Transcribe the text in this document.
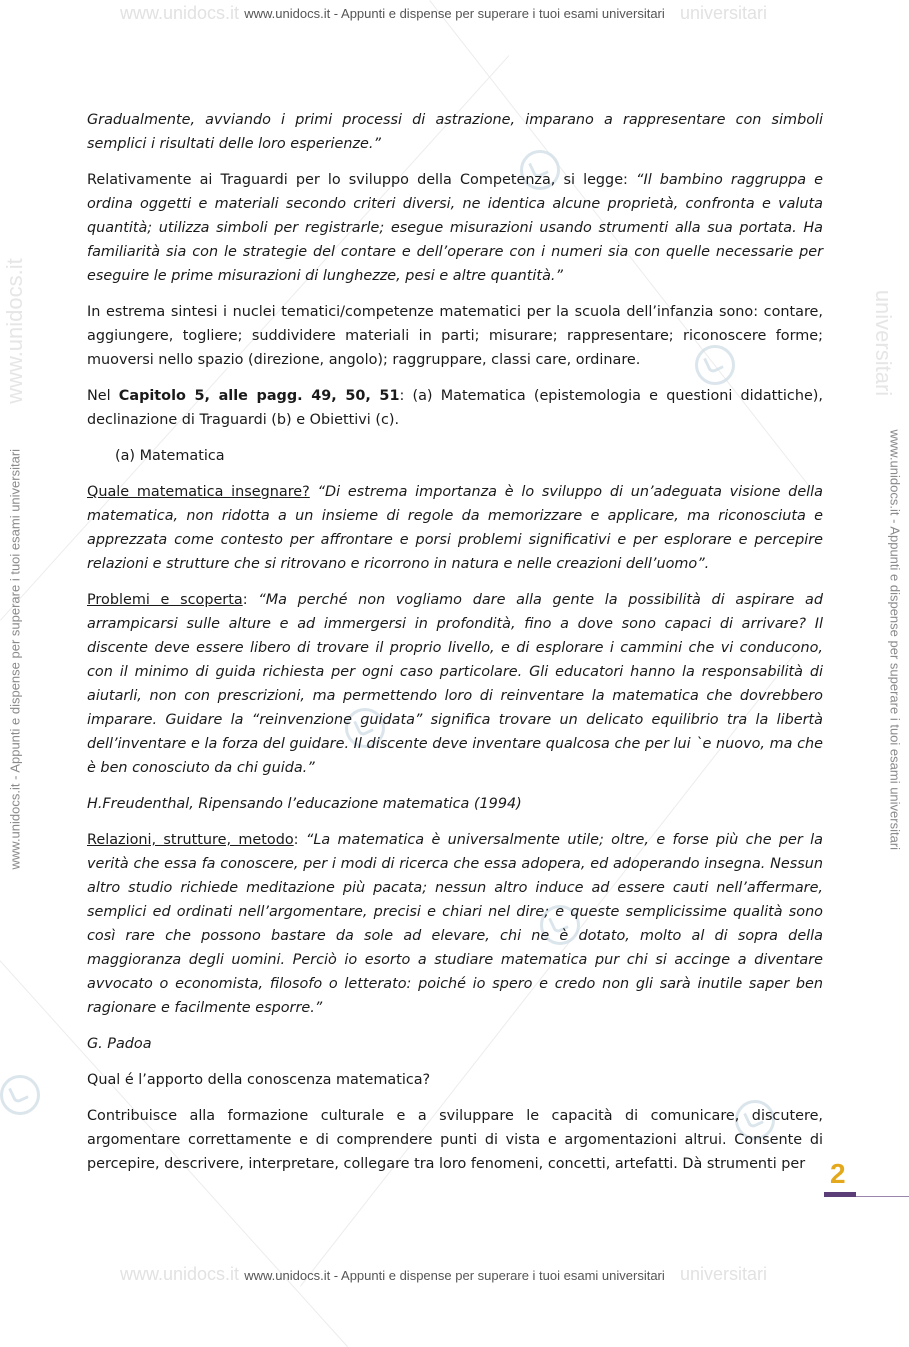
www.unidocs.it	universitari
www.unidocs.it	universitari
www.unidocs.it	universitari
www.unidocs.it - Appunti e dispense per superare i tuoi esami universitari
www.unidocs.it - Appunti e dispense per superare i tuoi esami universitari
www.unidocs.it - Appunti e dispense per superare i tuoi esami universitari	www.unidocs.it - Appunti e dispense per superare i tuoi esami universitari

Gradualmente, avviando i primi processi di astrazione, imparano a rappresentare con simboli semplici i risultati delle loro esperienze.”

Relativamente ai Traguardi per lo sviluppo della Competenza, si legge: “Il bambino raggruppa e ordina oggetti e materiali secondo criteri diversi, ne identica alcune proprietà, confronta e valuta quantità; utilizza simboli per registrarle; esegue misurazioni usando strumenti alla sua portata. Ha familiarità sia con le strategie del contare e dell’operare con i numeri sia con quelle necessarie per eseguire le prime misurazioni di lunghezze, pesi e altre quantità.”

In estrema sintesi i nuclei tematici/competenze matematici per la scuola dell’infanzia sono: contare, aggiungere, togliere; suddividere materiali in parti; misurare; rappresentare; riconoscere forme; muoversi nello spazio (direzione, angolo); raggruppare, classi care, ordinare.

Nel Capitolo 5, alle pagg. 49, 50, 51: (a) Matematica (epistemologia e questioni didattiche), declinazione di Traguardi (b) e Obiettivi (c).

(a) Matematica

Quale matematica insegnare? “Di estrema importanza è lo sviluppo di un’adeguata visione della matematica, non ridotta a un insieme di regole da memorizzare e applicare, ma riconosciuta e apprezzata come contesto per affrontare e porsi problemi significativi e per esplorare e percepire relazioni e strutture che si ritrovano e ricorrono in natura e nelle creazioni dell’uomo”.

Problemi e scoperta: “Ma perché non vogliamo dare alla gente la possibilità di aspirare ad arrampicarsi sulle alture e ad immergersi in profondità, fino a dove sono capaci di arrivare? Il discente deve essere libero di trovare il proprio livello, e di esplorare i cammini che vi conducono, con il minimo di guida richiesta per ogni caso particolare. Gli educatori hanno la responsabilità di aiutarli, non con prescrizioni, ma permettendo loro di reinventare la matematica che dovrebbero imparare. Guidare la “reinvenzione guidata” significa trovare un delicato equilibrio tra la libertà dell’inventare e la forza del guidare. Il discente deve inventare qualcosa che per lui `e nuovo, ma che è ben conosciuto da chi guida.”

H.Freudenthal, Ripensando l’educazione matematica (1994)

Relazioni, strutture, metodo: “La matematica è universalmente utile; oltre, e forse più che per la verità che essa fa conoscere, per i modi di ricerca che essa adopera, ed adoperando insegna. Nessun altro studio richiede meditazione più pacata; nessun altro induce ad essere cauti nell’affermare, semplici ed ordinati nell’argomentare, precisi e chiari nel dire; e queste semplicissime qualità sono così rare che possono bastare da sole ad elevare, chi ne è dotato, molto al di sopra della maggioranza degli uomini. Perciò io esorto a studiare matematica pur chi si accinge a diventare avvocato o economista, filosofo o letterato: poiché io spero e credo non gli sarà inutile saper ben ragionare e facilmente esporre.”

G. Padoa

Qual é l’apporto della conoscenza matematica?

Contribuisce alla formazione culturale e a sviluppare le capacità di comunicare, discutere, argomentare correttamente e di comprendere punti di vista e argomentazioni altrui. Consente di percepire, descrivere, interpretare, collegare tra loro fenomeni, concetti, artefatti. Dà strumenti per 2
